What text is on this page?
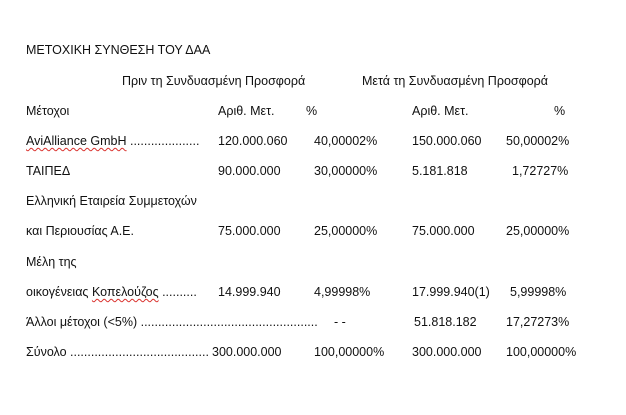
ΜΕΤΟΧΙΚΗ ΣΥΝΘΕΣΗ ΤΟΥ ΔΑΑ
Πριν τη Συνδυασμένη Προσφορά	Μετά τη Συνδυασμένη Προσφορά
Μέτοχοι	Αριθ. Μετ.	%	Αριθ. Μετ.	%
AviAlliance GmbH .................... 120.000.060 40,00002%	150.000.060 50,00002%
ΤΑΙΠΕΔ	90.000.000	30,00000%	5.181.818	1,72727%
Ελληνική Εταιρεία Συμμετοχών
και Περιουσίας Α.Ε.	75.000.000	25,00000%	75.000.000	25,00000%
Μέλη της
οικογένειας Κοπελούζος .......... 14.999.940	4,99998%	17.999.940(1) 5,99998%
Άλλοι μέτοχοι (<5%) ................................................... - -	51.818.182 17,27273%
Σύνολο ........................................ 300.000.000	100,00000% 300.000.000 100,00000%
